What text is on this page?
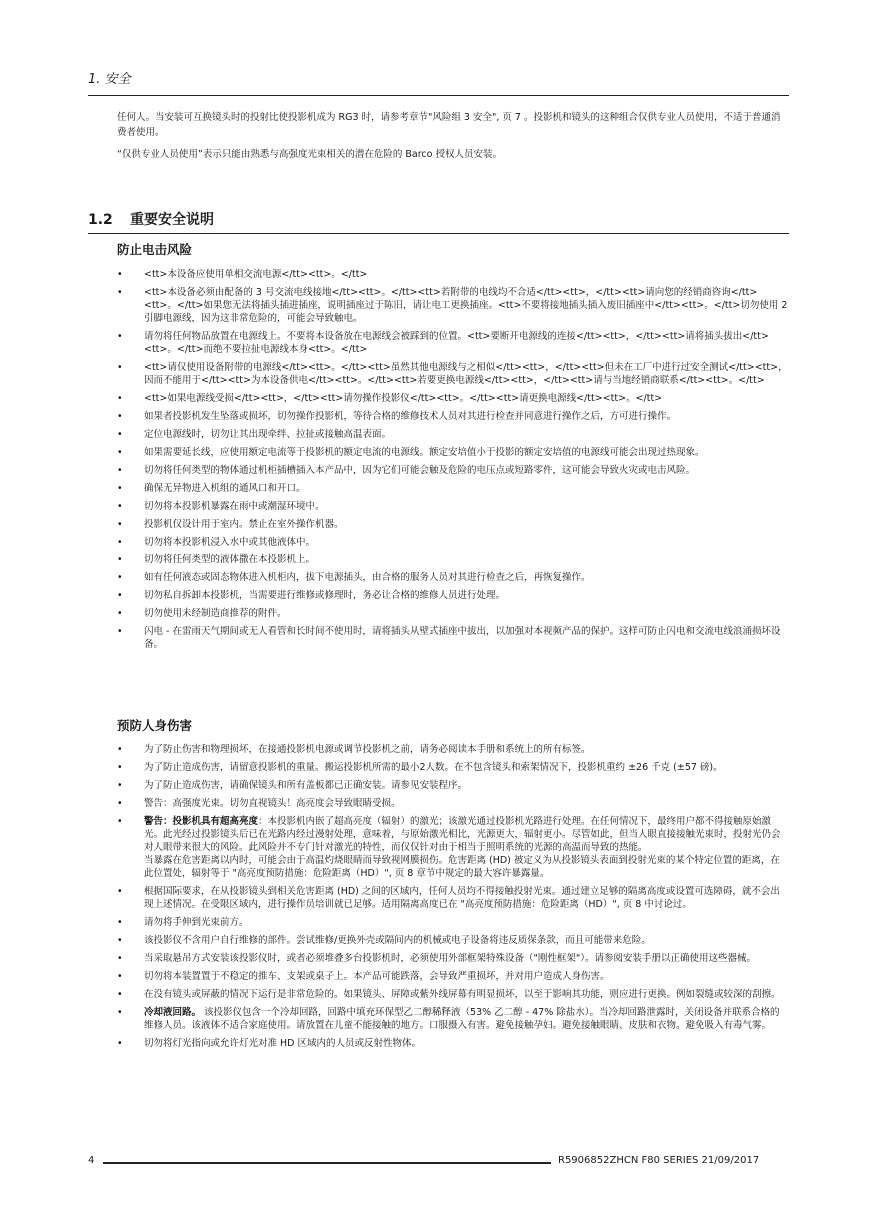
1. 安全
任何人。当安装可互换镜头时的投射比使投影机成为 RG3 时，请参考章节"风险组 3 安全", 页 7 。投影机和镜头的这种组合仅供专业人员使用，不适于普通消费者使用。
“仅供专业人员使用”表示只能由熟悉与高强度光束相关的潜在危险的 Barco 授权人员安装。
1.2 重要安全说明
防止电击风险
• <tt>本设备应使用单相交流电源</tt><tt>。</tt>
• <tt>本设备必须由配备的 3 号交流电线接地</tt><tt>。</tt><tt>若附带的电线均不合适</tt><tt>，</tt><tt>请向您的经销商咨询</tt><tt>。</tt>如果您无法将插头插进插座，说明插座过于陈旧，请让电工更换插座。<tt>不要将接地插头插入废旧插座中</tt><tt>。</tt>切勿使用 2 引脚电源线，因为这非常危险的，可能会导致触电。
• 请勿将任何物品放置在电源线上。不要将本设备放在电源线会被踩到的位置。<tt>要断开电源线的连接</tt><tt>，</tt><tt>请将插头拔出</tt><tt>。</tt>而绝不要拉扯电源线本身<tt>。</tt>
• <tt>请仅使用设备附带的电源线</tt><tt>。</tt><tt>虽然其他电源线与之相似</tt><tt>，</tt><tt>但未在工厂中进行过安全测试</tt><tt>，因而不能用于</tt><tt>为本设备供电</tt><tt>。</tt><tt>若要更换电源线</tt><tt>，</tt><tt>请与当地经销商联系</tt><tt>。</tt>
• <tt>如果电源线受损</tt><tt>，</tt><tt>请勿操作投影仪</tt><tt>。</tt><tt>请更换电源线</tt><tt>。</tt>
• 如果者投影机发生坠落或损坏，切勿操作投影机，等待合格的维修技术人员对其进行检查并同意进行操作之后，方可进行操作。
• 定位电源线时，切勿让其出现牵绊、拉扯或接触高温表面。
• 如果需要延长线，应使用额定电流等于投影机的额定电流的电源线。额定安培值小于投影的额定安培值的电源线可能会出现过热现象。
• 切勿将任何类型的物体通过机柜插槽插入本产品中，因为它们可能会触及危险的电压点或短路零件，这可能会导致火灾或电击风险。
• 确保无异物进入机组的通风口和开口。
• 切勿将本投影机暴露在雨中或潮湿环境中。
• 投影机仅设计用于室内。禁止在室外操作机器。
• 切勿将本投影机浸入水中或其他液体中。
• 切勿将任何类型的液体撒在本投影机上。
• 如有任何液态或固态物体进入机柜内，拔下电源插头，由合格的服务人员对其进行检查之后，再恢复操作。
• 切勿私自拆卸本投影机，当需要进行维修或修理时，务必让合格的维修人员进行处理。
• 切勿使用未经制造商推荐的附件。
• 闪电 - 在雷雨天气期间或无人看管和长时间不使用时，请将插头从壁式插座中拔出，以加强对本视频产品的保护。这样可防止闪电和交流电线浪涌损坏设备。
预防人身伤害
• 为了防止伤害和物理损坏，在接通投影机电源或调节投影机之前，请务必阅读本手册和系统上的所有标签。
• 为了防止造成伤害，请留意投影机的重量。搬运投影机所需的最小2人数。在不包含镜头和索架情况下，投影机重约 ±26 千克 (±57 磅)。
• 为了防止造成伤害，请确保镜头和所有盖板都已正确安装。请参见安装程序。
• 警告：高强度光束。切勿直视镜头！高亮度会导致眼睛受损。
• 警告：投影机具有超高亮度：本投影机内嵌了超高亮度（辐射）的激光；该激光通过投影机光路进行处理。在任何情况下，最终用户都不得接触原始激光。此光经过投影镜头后已在光路内经过漫射处理，意味着，与原始激光相比，光源更大，辐射更小。尽管如此，但当人眼直接接触光束时，投射光仍会对人眼带来很大的风险。此风险并不专门针对激光的特性，而仅仅针对由于相当于照明系统的光源的高温而导致的热能。
当暴露在危害距离以内时，可能会由于高温灼烧眼睛而导致视网膜损伤。危害距离 (HD) 被定义为从投影镜头表面到投射光束的某个特定位置的距离，在此位置处，辐射等于 "高亮度预防措施：危险距离（HD）", 页 8 章节中规定的最大容许暴露量。
• 根据国际要求，在从投影镜头到相关危害距离 (HD) 之间的区域内，任何人员均不得接触投射光束。通过建立足够的隔离高度或设置可选障碍，就不会出现上述情况。在受限区域内，进行操作员培训就已足够。适用隔离高度已在 "高亮度预防措施：危险距离（HD）", 页 8 中讨论过。
• 请勿将手伸到光束前方。
• 该投影仪不含用户自行维修的部件。尝试维修/更换外壳或隔间内的机械或电子设备将违反质保条款，而且可能带来危险。
• 当采取悬吊方式安装该投影仪时，或者必须堆叠多台投影机时，必须使用外部框架特殊设备（"刚性框架"）。请参阅安装手册以正确使用这些器械。
• 切勿将本装置置于不稳定的推车、支架或桌子上。本产品可能跌落，会导致严重损坏，并对用户造成人身伤害。
• 在没有镜头或屏蔽的情况下运行是非常危险的。如果镜头、屏障或紫外线屏幕有明显损坏，以至于影响其功能，则应进行更换。例如裂缝或较深的刮擦。
• 冷却液回路。 该投影仪包含一个冷却回路，回路中填充环保型乙二醇稀释液（53% 乙二醇 - 47% 除盐水）。当冷却回路泄露时，关闭设备并联系合格的维修人员。该液体不适合家庭使用。请放置在儿童不能接触的地方。口服摄入有害。避免接触孕妇。避免接触眼睛、皮肤和衣物。避免吸入有毒气雾。
• 切勿将灯光指向或允许灯光对准 HD 区域内的人员或反射性物体。
4	R5906852ZHCN F80 SERIES 21/09/2017
